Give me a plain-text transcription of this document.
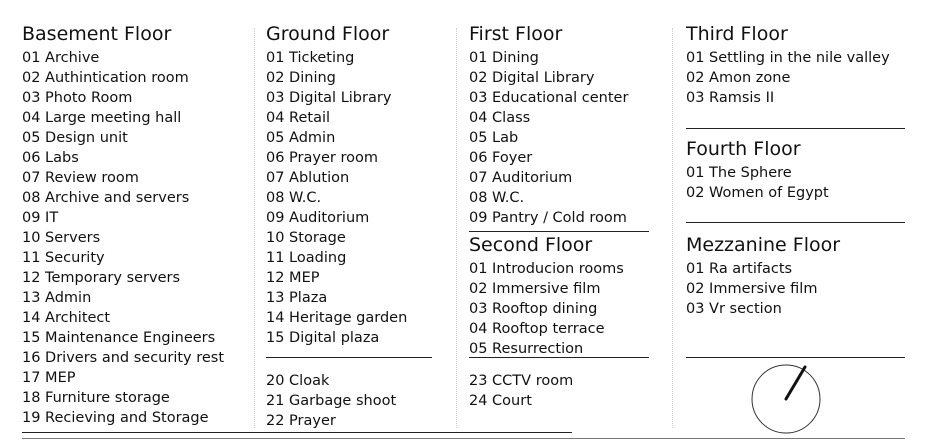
Basement Floor
01 Archive
02 Authintication room
03 Photo Room
04 Large meeting hall
05 Design unit
06 Labs
07 Review room
08 Archive and servers
09 IT
10 Servers
11 Security
12 Temporary servers
13 Admin
14 Architect
15 Maintenance Engineers
16 Drivers and security rest
17 MEP
18 Furniture storage
19 Recieving and Storage
Ground Floor
01 Ticketing
02 Dining
03 Digital Library
04 Retail
05 Admin
06 Prayer room
07 Ablution
08 W.C.
09 Auditorium
10 Storage
11 Loading
12 MEP
13 Plaza
14 Heritage garden
15 Digital plaza
20 Cloak
21 Garbage shoot
22 Prayer
First Floor
01 Dining
02 Digital Library
03 Educational center
04 Class
05 Lab
06 Foyer
07 Auditorium
08 W.C.
09 Pantry / Cold room
Second Floor
01 Introducion rooms
02 Immersive film
03 Rooftop dining
04 Rooftop terrace
05 Resurrection
23 CCTV room
24 Court
Third Floor
01 Settling in the nile valley
02 Amon zone
03 Ramsis II
Fourth Floor
01 The Sphere
02 Women of Egypt
Mezzanine Floor
01 Ra artifacts
02 Immersive film
03 Vr section
